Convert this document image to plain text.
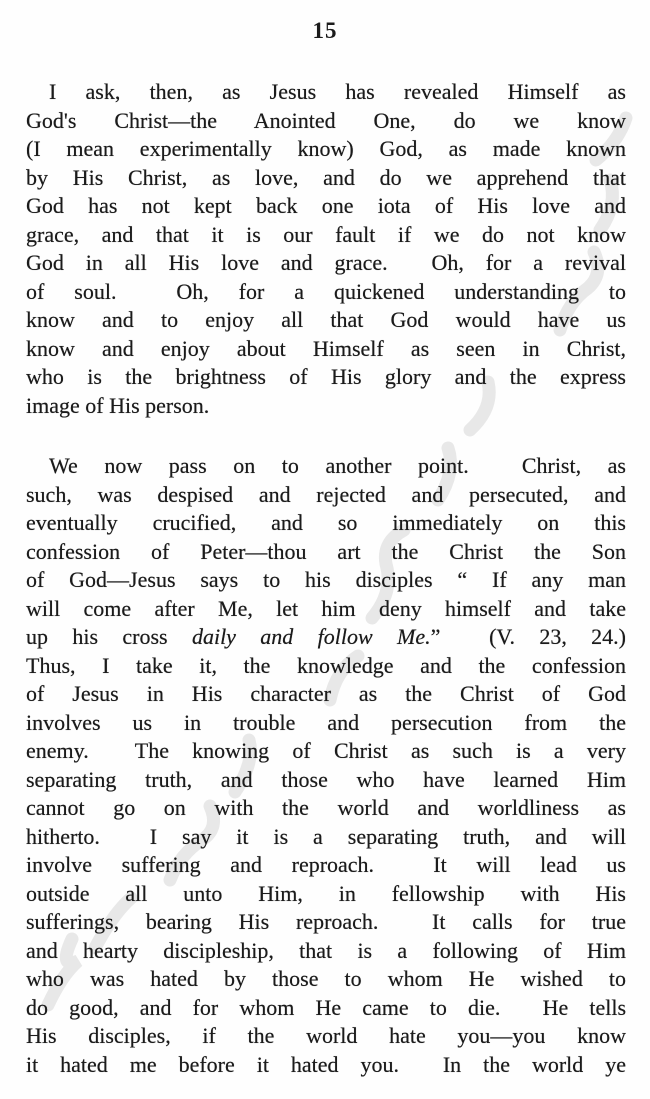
15
I ask, then, as Jesus has revealed Himself as
God's Christ—the Anointed One, do we know
(I mean experimentally know) God, as made known
by His Christ, as love, and do we apprehend that
God has not kept back one iota of His love and
grace, and that it is our fault if we do not know
God in all His love and grace.  Oh, for a revival
of soul.  Oh, for a quickened understanding to
know and to enjoy all that God would have us
know and enjoy about Himself as seen in Christ,
who is the brightness of His glory and the express
image of His person.
We now pass on to another point.  Christ, as
such, was despised and rejected and persecuted, and
eventually crucified, and so immediately on this
confession of Peter—thou art the Christ the Son
of God—Jesus says to his disciples “ If any man
will come after Me, let him deny himself and take
up his cross daily and follow Me.”  (V. 23, 24.)
Thus, I take it, the knowledge and the confession
of Jesus in His character as the Christ of God
involves us in trouble and persecution from the
enemy.  The knowing of Christ as such is a very
separating truth, and those who have learned Him
cannot go on with the world and worldliness as
hitherto.  I say it is a separating truth, and will
involve suffering and reproach.  It will lead us
outside all unto Him, in fellowship with His
sufferings, bearing His reproach.  It calls for true
and hearty discipleship, that is a following of Him
who was hated by those to whom He wished to
do good, and for whom He came to die.  He tells
His disciples, if the world hate you—you know
it hated me before it hated you.  In the world ye
